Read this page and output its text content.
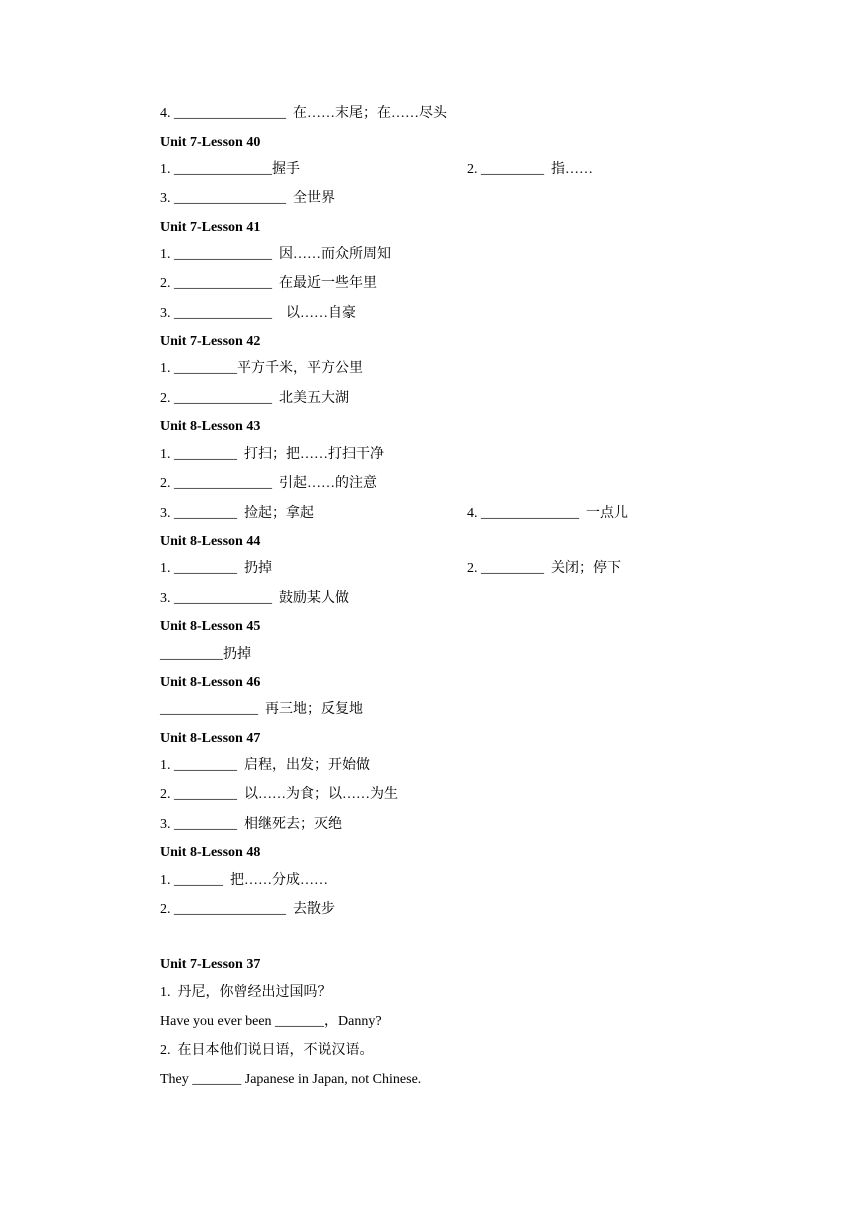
4. ________________  在……末尾；在……尽头
Unit 7-Lesson 40
1. ______________握手	2. _________  指……
3. ________________  全世界
Unit 7-Lesson 41
1. ______________  因……而众所周知
2. ______________  在最近一些年里
3. ______________    以……自豪
Unit 7-Lesson 42
1. _________平方千米，平方公里
2. ______________  北美五大湖
Unit 8-Lesson 43
1. _________  打扫；把……打扫干净
2. ______________  引起……的注意
3. _________  捡起；拿起	4. ______________  一点儿
Unit 8-Lesson 44
1. _________  扔掉	2. _________  关闭；停下
3. ______________  鼓励某人做
Unit 8-Lesson 45
_________扔掉
Unit 8-Lesson 46
______________  再三地；反复地
Unit 8-Lesson 47
1. _________  启程，出发；开始做
2. _________  以……为食；以……为生
3. _________  相继死去；灭绝
Unit 8-Lesson 48
1. _______  把……分成……
2. ________________  去散步
Unit 7-Lesson 37
1.  丹尼，你曾经出过国吗？
Have you ever been _______，Danny?
2.  在日本他们说日语，不说汉语。
They _______ Japanese in Japan, not Chinese.
